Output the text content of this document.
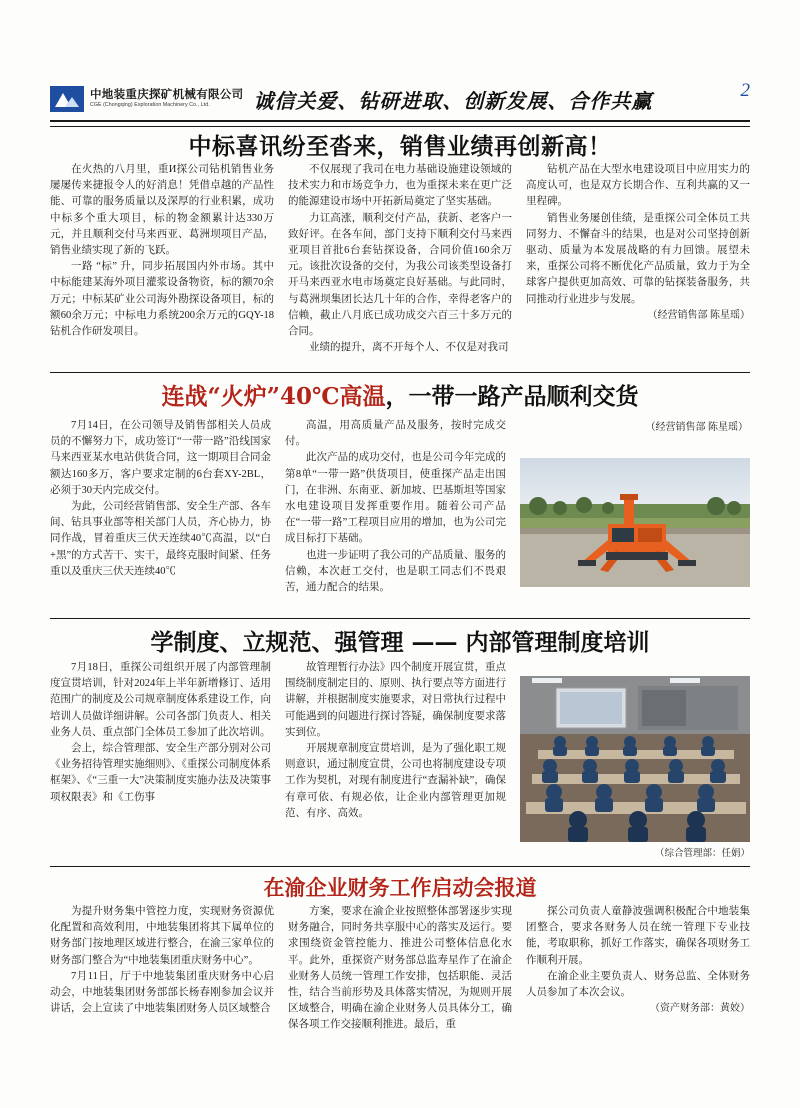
中地装重庆探矿机械有限公司
CGE (Chongqing) Exploration Machinery Co., Ltd.	诚信关爱、钻研进取、创新发展、合作共赢	2
中标喜讯纷至沓来，销售业绩再创新高！

在火热的八月里，重И探公司钻机销售业务屡屡传来捷报令人的好消息！凭借卓越的产品性能、可靠的服务质量以及深厚的行业积累，成功中标多个重大项目，标的物金额累计达330万元，并且顺利交付马来西亚、葛洲坝项目产品，销售业绩实现了新的飞跃。

一路 “标” 升，同步拓展国内外市场。其中中标能建某海外项目灌浆设备物资，标的额70余万元；中标某矿业公司海外勘探设备项目，标的额60余万元；中标电力系统200余万元的GQY-18钻机合作研发项目。

不仅展现了我司在电力基础设施建设领域的技术实力和市场竞争力，也为重探未来在更广泛的能源建设市场中开拓新局奠定了坚实基础。

力讧高涨，顺利交付产品，获新、老客户一致好评。在各车间，部门支持下顺利交付马来西亚项目首批6台套钻探设备，合同价值160余万元。该批次设备的交付，为我公司该类型设备打开马来西亚水电市场奠定良好基础。与此同时，与葛洲坝集团长达几十年的合作，幸得老客户的信赖，截止八月底已成功成交六百三十多万元的合同。

业绩的提升，离不开每个人、不仅是对我司

钻机产品在大型水电建设项目中应用实力的高度认可，也是双方长期合作、互利共赢的又一里程碑。

销售业务屡创佳绩，是重探公司全体员工共同努力、不懈奋斗的结果，也是对公司坚持创新驱动、质量为本发展战略的有力回馈。展望未来，重探公司将不断优化产品质量，致力于为全球客户提供更加高效、可靠的钻探装备服务，共同推动行业进步与发展。

（经营销售部 陈星瑶）

连战“火炉”40℃高温，一带一路产品顺利交货
（经营销售部 陈星瑶）

7月14日，在公司领导及销售部相关人员成员的不懈努力下，成功签订“一带一路”沿线国家马来西亚某水电站供货合同，这一期项目合同金额达160多万，客户要求定制的6台套XY-2BL，必须于30天内完成交付。

为此，公司经营销售部、安全生产部、各车间、钻具事业部等相关部门人员，齐心协力，协同作战，冒着重庆三伏天连续40℃高温，以“白+黑”的方式苦干、实干，最终克服时间紧、任务重以及重庆三伏天连续40℃

高温，用高质量产品及服务，按时完成交付。

此次产品的成功交付，也是公司今年完成的第8单“一带一路”供货项目，使重探产品走出国门，在非洲、东南亚、新加坡、巴基斯坦等国家水电建设项目发挥重要作用。随着公司产品在“一带一路”工程项目应用的增加，也为公司完成目标打下基础。

也进一步证明了我公司的产品质量、服务的信赖，本次赶工交付，也是职工同志们不畏艰苦，通力配合的结果。

学制度、立规范、强管理 —— 内部管理制度培训

7月18日，重探公司组织开展了内部管理制度宣贯培训，针对2024年上半年新增修订、适用范围广的制度及公司规章制度体系建设工作，向培训人员做详细讲解。公司各部门负责人、相关业务人员、重点部门全体员工参加了此次培训。

会上，综合管理部、安全生产部分别对公司《业务招待管理实施细则》、《重探公司制度体系框架》、《“三重一大”决策制度实施办法及决策事项权限表》和《工伤事

故管理暂行办法》四个制度开展宣贯，重点围绕制度制定目的、原则、执行要点等方面进行讲解，并根据制度实施要求，对日常执行过程中可能遇到的问题进行探讨答疑，确保制度要求落实到位。

开展规章制度宣贯培训，是为了强化职工规则意识，通过制度宣贯，公司也将制度建设专项工作为契机，对现有制度进行“查漏补缺”，确保有章可依、有规必依，让企业内部管理更加规范、有序、高效。

（综合管理部：任娟）
在渝企业财务工作启动会报道

为提升财务集中管控力度，实现财务资源优化配置和高效利用，中地装集团将其下属单位的财务部门按地理区域进行整合，在渝三家单位的财务部门整合为“中地装集团重庆财务中心”。

7月11日，厅于中地装集团重庆财务中心启动会，中地装集团财务部部长杨春刚参加会议并讲话，会上宣读了中地装集团财务人员区域整合

方案，要求在渝企业按照整体部署逐步实现财务融合，同时务共享服中心的落实及运行。要求围绕资金管控能力、推进公司整体信息化水平。此外，重探资产财务部总监寿星作了在渝企业财务人员统一管理工作安排，包括职能、灵活性，结合当前形势及具体落实情况，为规则开展区域整合，明确在渝企业财务人员具体分工，确保各项工作交接顺利推进。最后，重

探公司负责人童静波强调积极配合中地装集团整合，要求各财务人员在统一管理下专业技能，考取职称，抓好工作落实，确保各项财务工作顺利开展。

在渝企业主要负责人、财务总监、全体财务人员参加了本次会议。

（资产财务部：黄姣）
